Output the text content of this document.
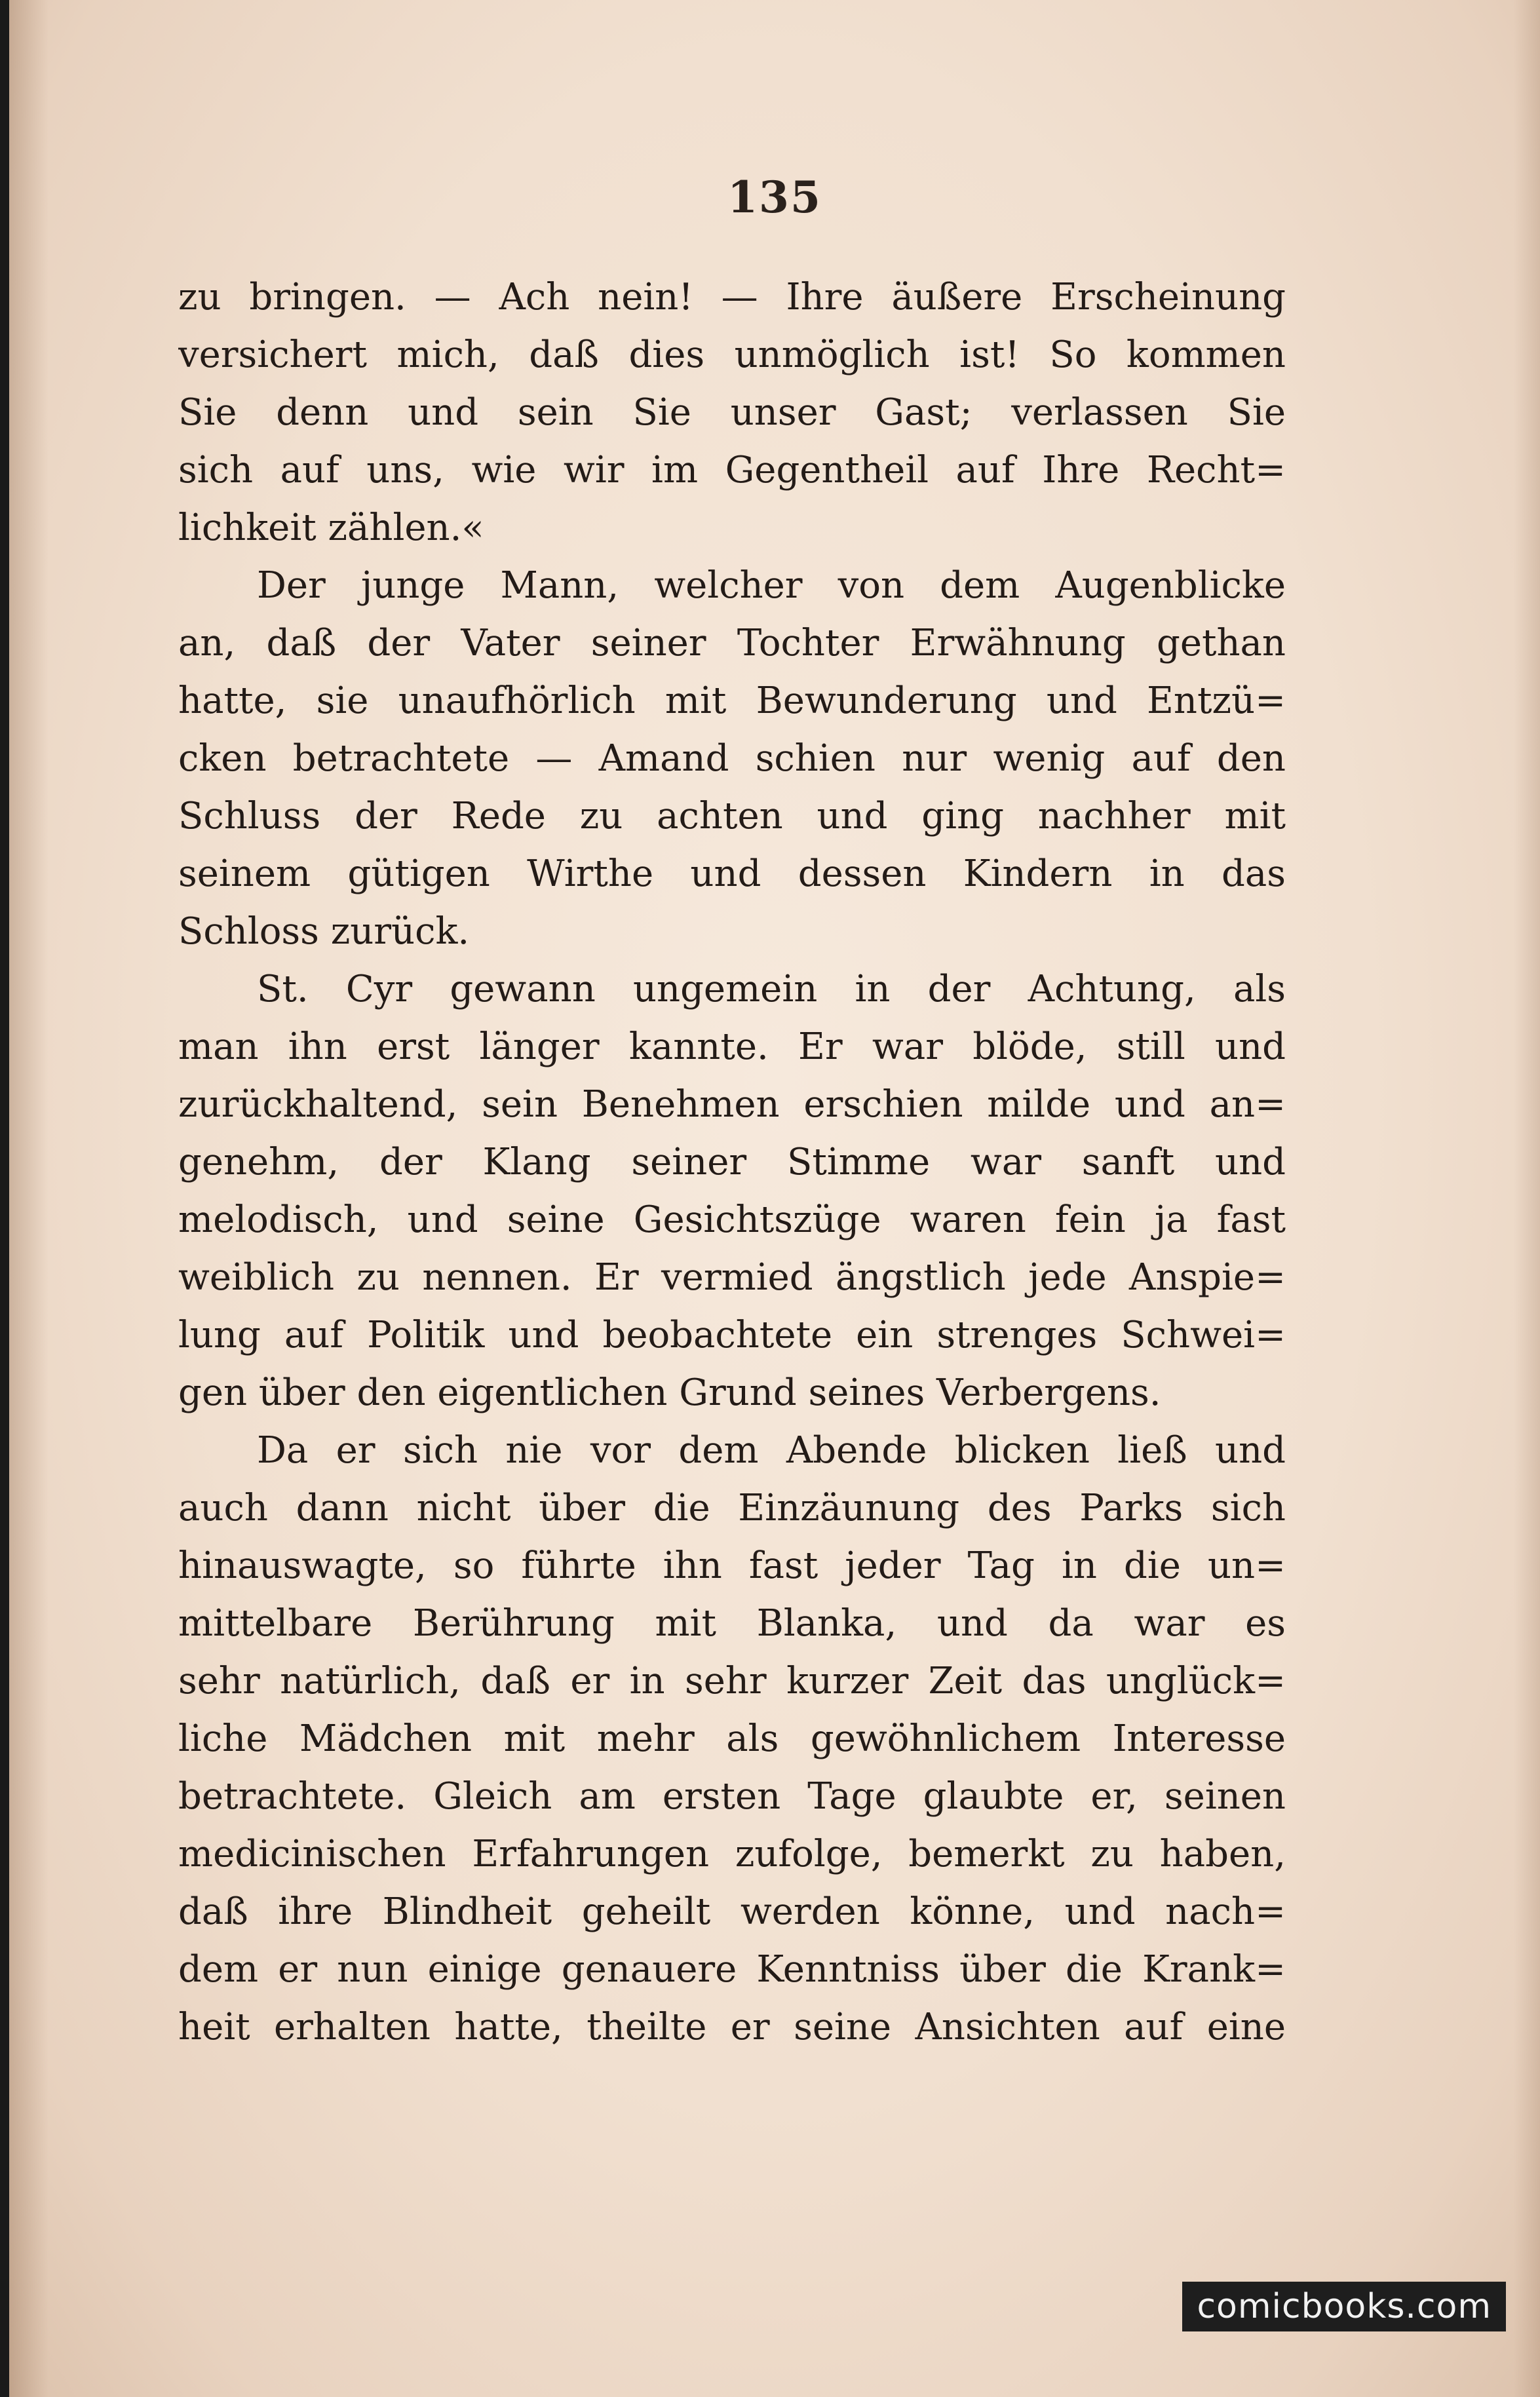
135
zu bringen. — Ach nein! — Ihre äußere Erscheinung
versichert mich, daß dies unmöglich ist! So kommen
Sie denn und sein Sie unser Gast; verlassen Sie
sich auf uns, wie wir im Gegentheil auf Ihre Recht=
lichkeit zählen.«
Der junge Mann, welcher von dem Augenblicke
an, daß der Vater seiner Tochter Erwähnung gethan
hatte, sie unaufhörlich mit Bewunderung und Entzü=
cken betrachtete — Amand schien nur wenig auf den
Schluss der Rede zu achten und ging nachher mit
seinem gütigen Wirthe und dessen Kindern in das
Schloss zurück.
St. Cyr gewann ungemein in der Achtung, als
man ihn erst länger kannte. Er war blöde, still und
zurückhaltend, sein Benehmen erschien milde und an=
genehm, der Klang seiner Stimme war sanft und
melodisch, und seine Gesichtszüge waren fein ja fast
weiblich zu nennen. Er vermied ängstlich jede Anspie=
lung auf Politik und beobachtete ein strenges Schwei=
gen über den eigentlichen Grund seines Verbergens.
Da er sich nie vor dem Abende blicken ließ und
auch dann nicht über die Einzäunung des Parks sich
hinauswagte, so führte ihn fast jeder Tag in die un=
mittelbare Berührung mit Blanka, und da war es
sehr natürlich, daß er in sehr kurzer Zeit das unglück=
liche Mädchen mit mehr als gewöhnlichem Interesse
betrachtete. Gleich am ersten Tage glaubte er, seinen
medicinischen Erfahrungen zufolge, bemerkt zu haben,
daß ihre Blindheit geheilt werden könne, und nach=
dem er nun einige genauere Kenntniss über die Krank=
heit erhalten hatte, theilte er seine Ansichten auf eine
comicbooks.com
